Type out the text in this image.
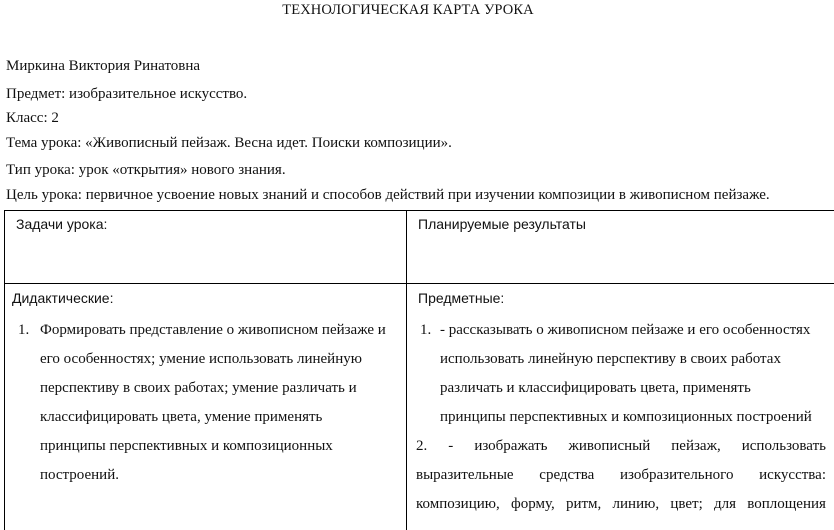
ТЕХНОЛОГИЧЕСКАЯ КАРТА УРОКА
Миркина Виктория Ринатовна
Предмет: изобразительное искусство.
Класс: 2
Тема урока: «Живописный пейзаж. Весна идет. Поиски композиции».
Тип урока: урок «открытия» нового знания.
Цель урока: первичное усвоение новых знаний и способов действий при изучении композиции в живописном пейзаже.
Задачи урока:	Планируемые результаты
Дидактические:	Предметные:
1. Формировать представление о живописном пейзаже и
его особенностях; умение использовать линейную
перспективу в своих работах; умение различать и
классифицировать цвета, умение применять
принципы перспективных и композиционных
построений.
1. - рассказывать о живописном пейзаже и его особенностях
использовать линейную перспективу в своих работах
различать и классифицировать цвета, применять
принципы перспективных и композиционных построений
2. - изображать живописный пейзаж, использовать
выразительные средства изобразительного искусства:
композицию, форму, ритм, линию, цвет; для воплощения
